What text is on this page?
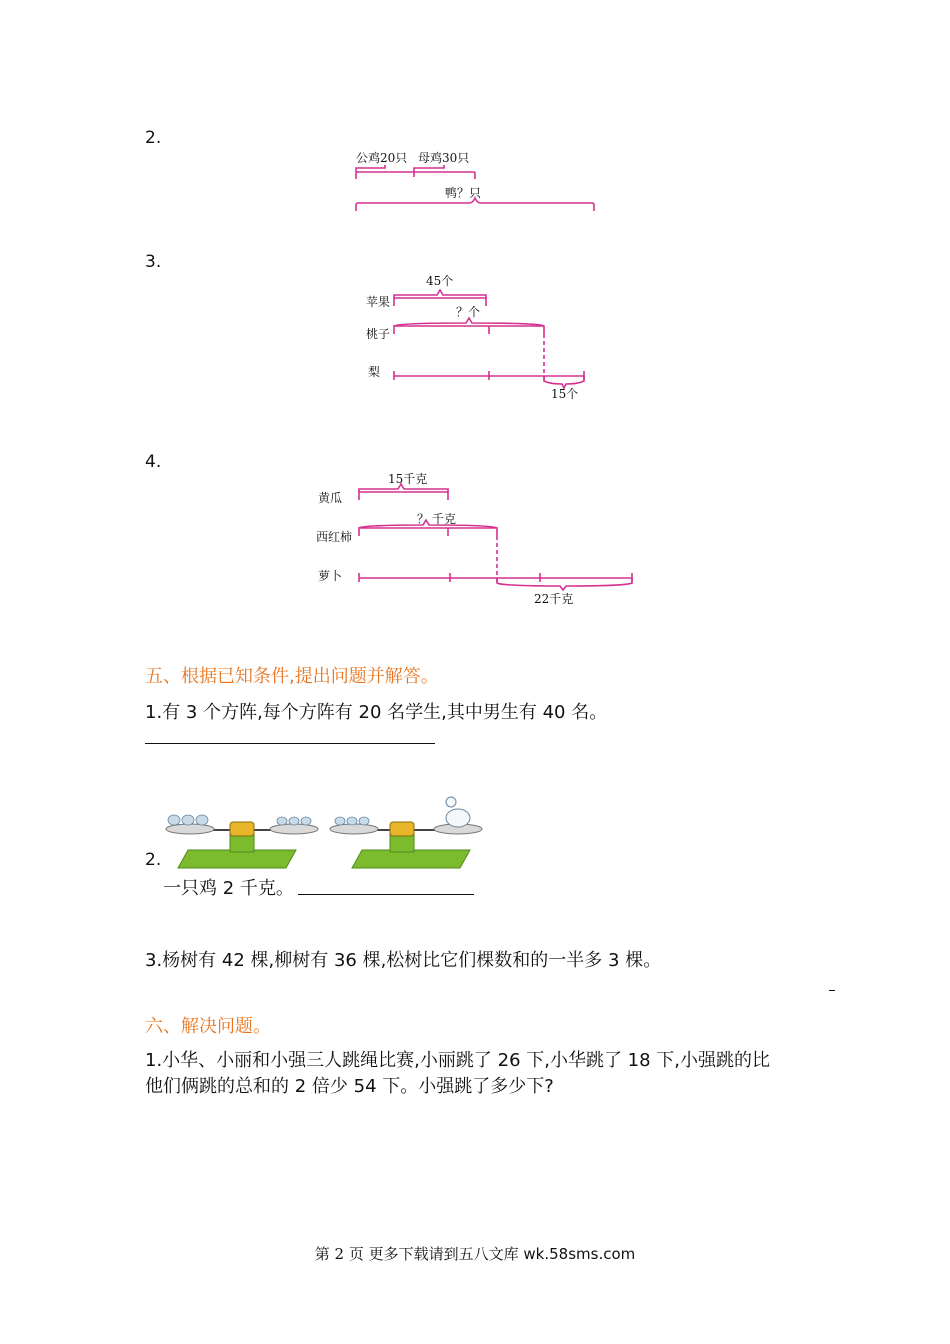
2.
公鸡20只 母鸡30只
鸭？只
3.
45个
？个
苹果
桃子
梨
15个
4.
15千克
？ 千克
黄瓜
西红柿
萝卜
22千克
五、根据已知条件,提出问题并解答。
1.有 3 个方阵,每个方阵有 20 名学生,其中男生有 40 名。
2.
一只鸡 2 千克。
3.杨树有 42 棵,柳树有 36 棵,松树比它们棵数和的一半多 3 棵。
六、解决问题。
1.小华、小丽和小强三人跳绳比赛,小丽跳了 26 下,小华跳了 18 下,小强跳的比
他们俩跳的总和的 2 倍少 54 下。小强跳了多少下?
第 2 页 更多下载请到五八文库 wk.58sms.com
